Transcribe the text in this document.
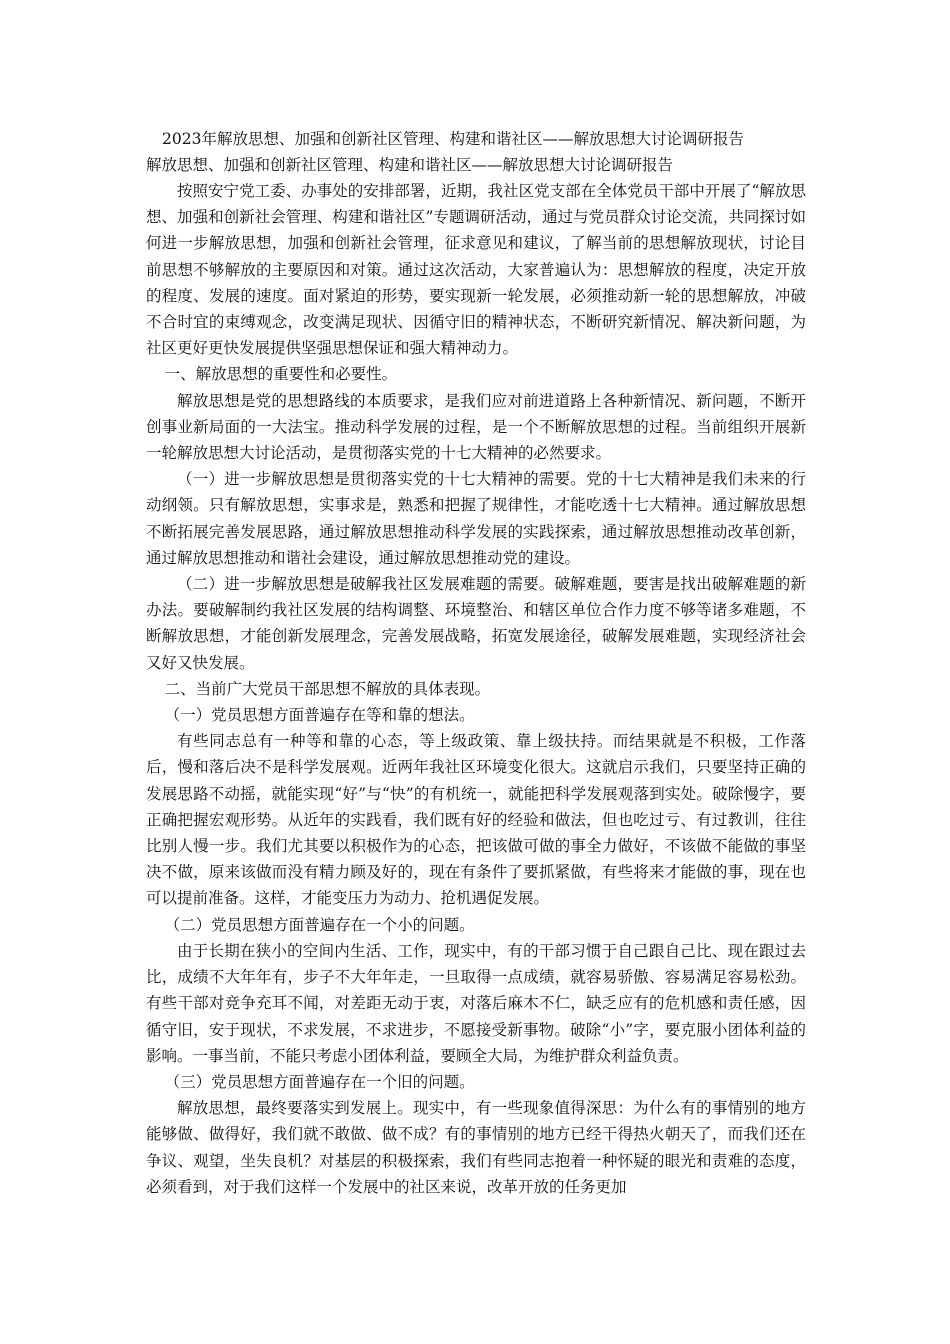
2023年解放思想、加强和创新社区管理、构建和谐社区——解放思想大讨论调研报告
解放思想、加强和创新社区管理、构建和谐社区——解放思想大讨论调研报告

按照安宁党工委、办事处的安排部署，近期，我社区党支部在全体党员干部中开展了“解放思想、加强和创新社会管理、构建和谐社区”专题调研活动，通过与党员群众讨论交流，共同探讨如何进一步解放思想，加强和创新社会管理，征求意见和建议，了解当前的思想解放现状，讨论目前思想不够解放的主要原因和对策。通过这次活动，大家普遍认为：思想解放的程度，决定开放的程度、发展的速度。面对紧迫的形势，要实现新一轮发展，必须推动新一轮的思想解放，冲破不合时宜的束缚观念，改变满足现状、因循守旧的精神状态，不断研究新情况、解决新问题，为社区更好更快发展提供坚强思想保证和强大精神动力。

一、解放思想的重要性和必要性。

解放思想是党的思想路线的本质要求，是我们应对前进道路上各种新情况、新问题，不断开创事业新局面的一大法宝。推动科学发展的过程，是一个不断解放思想的过程。当前组织开展新一轮解放思想大讨论活动，是贯彻落实党的十七大精神的必然要求。

（一）进一步解放思想是贯彻落实党的十七大精神的需要。党的十七大精神是我们未来的行动纲领。只有解放思想，实事求是，熟悉和把握了规律性，才能吃透十七大精神。通过解放思想不断拓展完善发展思路，通过解放思想推动科学发展的实践探索，通过解放思想推动改革创新，通过解放思想推动和谐社会建设，通过解放思想推动党的建设。

（二）进一步解放思想是破解我社区发展难题的需要。破解难题，要害是找出破解难题的新办法。要破解制约我社区发展的结构调整、环境整治、和辖区单位合作力度不够等诸多难题，不断解放思想，才能创新发展理念，完善发展战略，拓宽发展途径，破解发展难题，实现经济社会又好又快发展。

二、当前广大党员干部思想不解放的具体表现。

（一）党员思想方面普遍存在等和靠的想法。

有些同志总有一种等和靠的心态，等上级政策、靠上级扶持。而结果就是不积极，工作落后，慢和落后决不是科学发展观。近两年我社区环境变化很大。这就启示我们，只要坚持正确的发展思路不动摇，就能实现“好”与“快”的有机统一，就能把科学发展观落到实处。破除慢字，要正确把握宏观形势。从近年的实践看，我们既有好的经验和做法，但也吃过亏、有过教训，往往比别人慢一步。我们尤其要以积极作为的心态，把该做可做的事全力做好，不该做不能做的事坚决不做，原来该做而没有精力顾及好的，现在有条件了要抓紧做，有些将来才能做的事，现在也可以提前准备。这样，才能变压力为动力、抢机遇促发展。

（二）党员思想方面普遍存在一个小的问题。

由于长期在狭小的空间内生活、工作，现实中，有的干部习惯于自己跟自己比、现在跟过去比，成绩不大年年有，步子不大年年走，一旦取得一点成绩，就容易骄傲、容易满足容易松劲。有些干部对竞争充耳不闻，对差距无动于衷，对落后麻木不仁，缺乏应有的危机感和责任感，因循守旧，安于现状，不求发展，不求进步，不愿接受新事物。破除“小”字，要克服小团体利益的影响。一事当前，不能只考虑小团体利益，要顾全大局，为维护群众利益负责。

（三）党员思想方面普遍存在一个旧的问题。

解放思想，最终要落实到发展上。现实中，有一些现象值得深思：为什么有的事情别的地方能够做、做得好，我们就不敢做、做不成？有的事情别的地方已经干得热火朝天了，而我们还在争议、观望，坐失良机？对基层的积极探索，我们有些同志抱着一种怀疑的眼光和责难的态度，必须看到，对于我们这样一个发展中的社区来说，改革开放的任务更加
